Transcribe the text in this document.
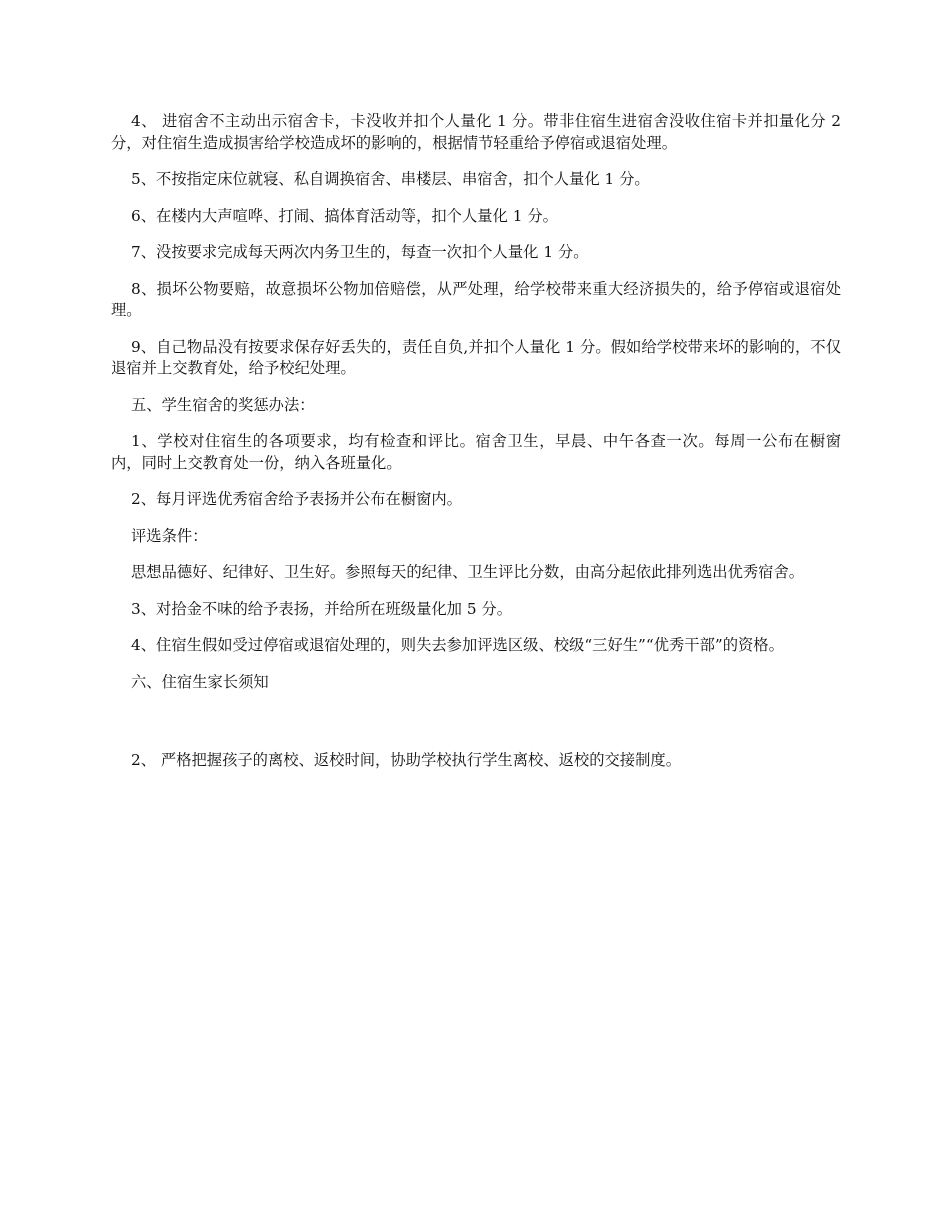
4、 进宿舍不主动出示宿舍卡，卡没收并扣个人量化 1 分。带非住宿生进宿舍没收住宿卡并扣量化分 2 分，对住宿生造成损害给学校造成坏的影响的，根据情节轻重给予停宿或退宿处理。

5、不按指定床位就寝、私自调换宿舍、串楼层、串宿舍，扣个人量化 1 分。

6、在楼内大声喧哗、打闹、搞体育活动等，扣个人量化 1 分。

7、没按要求完成每天两次内务卫生的，每查一次扣个人量化 1 分。

8、损坏公物要赔，故意损坏公物加倍赔偿，从严处理，给学校带来重大经济损失的，给予停宿或退宿处理。

9、自己物品没有按要求保存好丢失的，责任自负,并扣个人量化 1 分。假如给学校带来坏的影响的，不仅退宿并上交教育处，给予校纪处理。

五、学生宿舍的奖惩办法：

1、学校对住宿生的各项要求，均有检查和评比。宿舍卫生，早晨、中午各查一次。每周一公布在橱窗内，同时上交教育处一份，纳入各班量化。

2、每月评选优秀宿舍给予表扬并公布在橱窗内。

评选条件：

思想品德好、纪律好、卫生好。参照每天的纪律、卫生评比分数，由高分起依此排列选出优秀宿舍。

3、对拾金不味的给予表扬，并给所在班级量化加 5 分。

4、住宿生假如受过停宿或退宿处理的，则失去参加评选区级、校级“三好生”“优秀干部”的资格。

六、住宿生家长须知

2、 严格把握孩子的离校、返校时间，协助学校执行学生离校、返校的交接制度。
